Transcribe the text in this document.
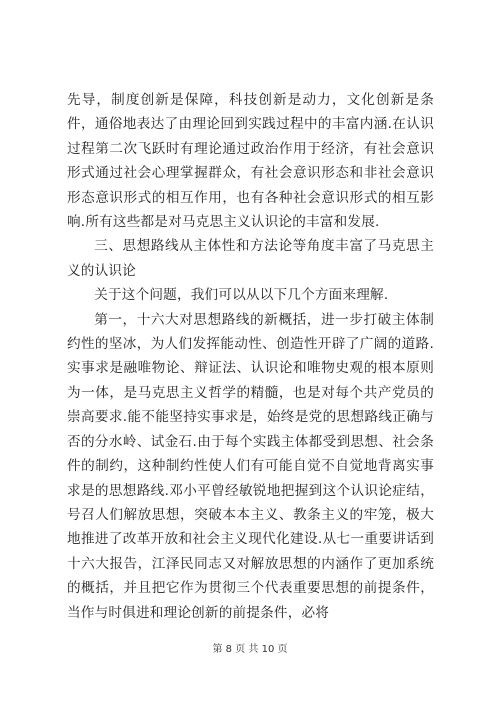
先导，制度创新是保障，科技创新是动力，文化创新是条件，通俗地表达了由理论回到实践过程中的丰富内涵.在认识过程第二次飞跃时有理论通过政治作用于经济，有社会意识形式通过社会心理掌握群众，有社会意识形态和非社会意识形态意识形式的相互作用，也有各种社会意识形式的相互影响.所有这些都是对马克思主义认识论的丰富和发展.

三、思想路线从主体性和方法论等角度丰富了马克思主义的认识论

关于这个问题，我们可以从以下几个方面来理解.

第一，十六大对思想路线的新概括，进一步打破主体制约性的坚冰，为人们发挥能动性、创造性开辟了广阔的道路.实事求是融唯物论、辩证法、认识论和唯物史观的根本原则为一体，是马克思主义哲学的精髓，也是对每个共产党员的崇高要求.能不能坚持实事求是，始终是党的思想路线正确与否的分水岭、试金石.由于每个实践主体都受到思想、社会条件的制约，这种制约性使人们有可能自觉不自觉地背离实事求是的思想路线.邓小平曾经敏锐地把握到这个认识论症结，号召人们解放思想，突破本本主义、教条主义的牢笼，极大地推进了改革开放和社会主义现代化建设.从七一重要讲话到十六大报告，江泽民同志又对解放思想的内涵作了更加系统的概括，并且把它作为贯彻三个代表重要思想的前提条件，当作与时俱进和理论创新的前提条件，必将

第 8 页 共 10 页
